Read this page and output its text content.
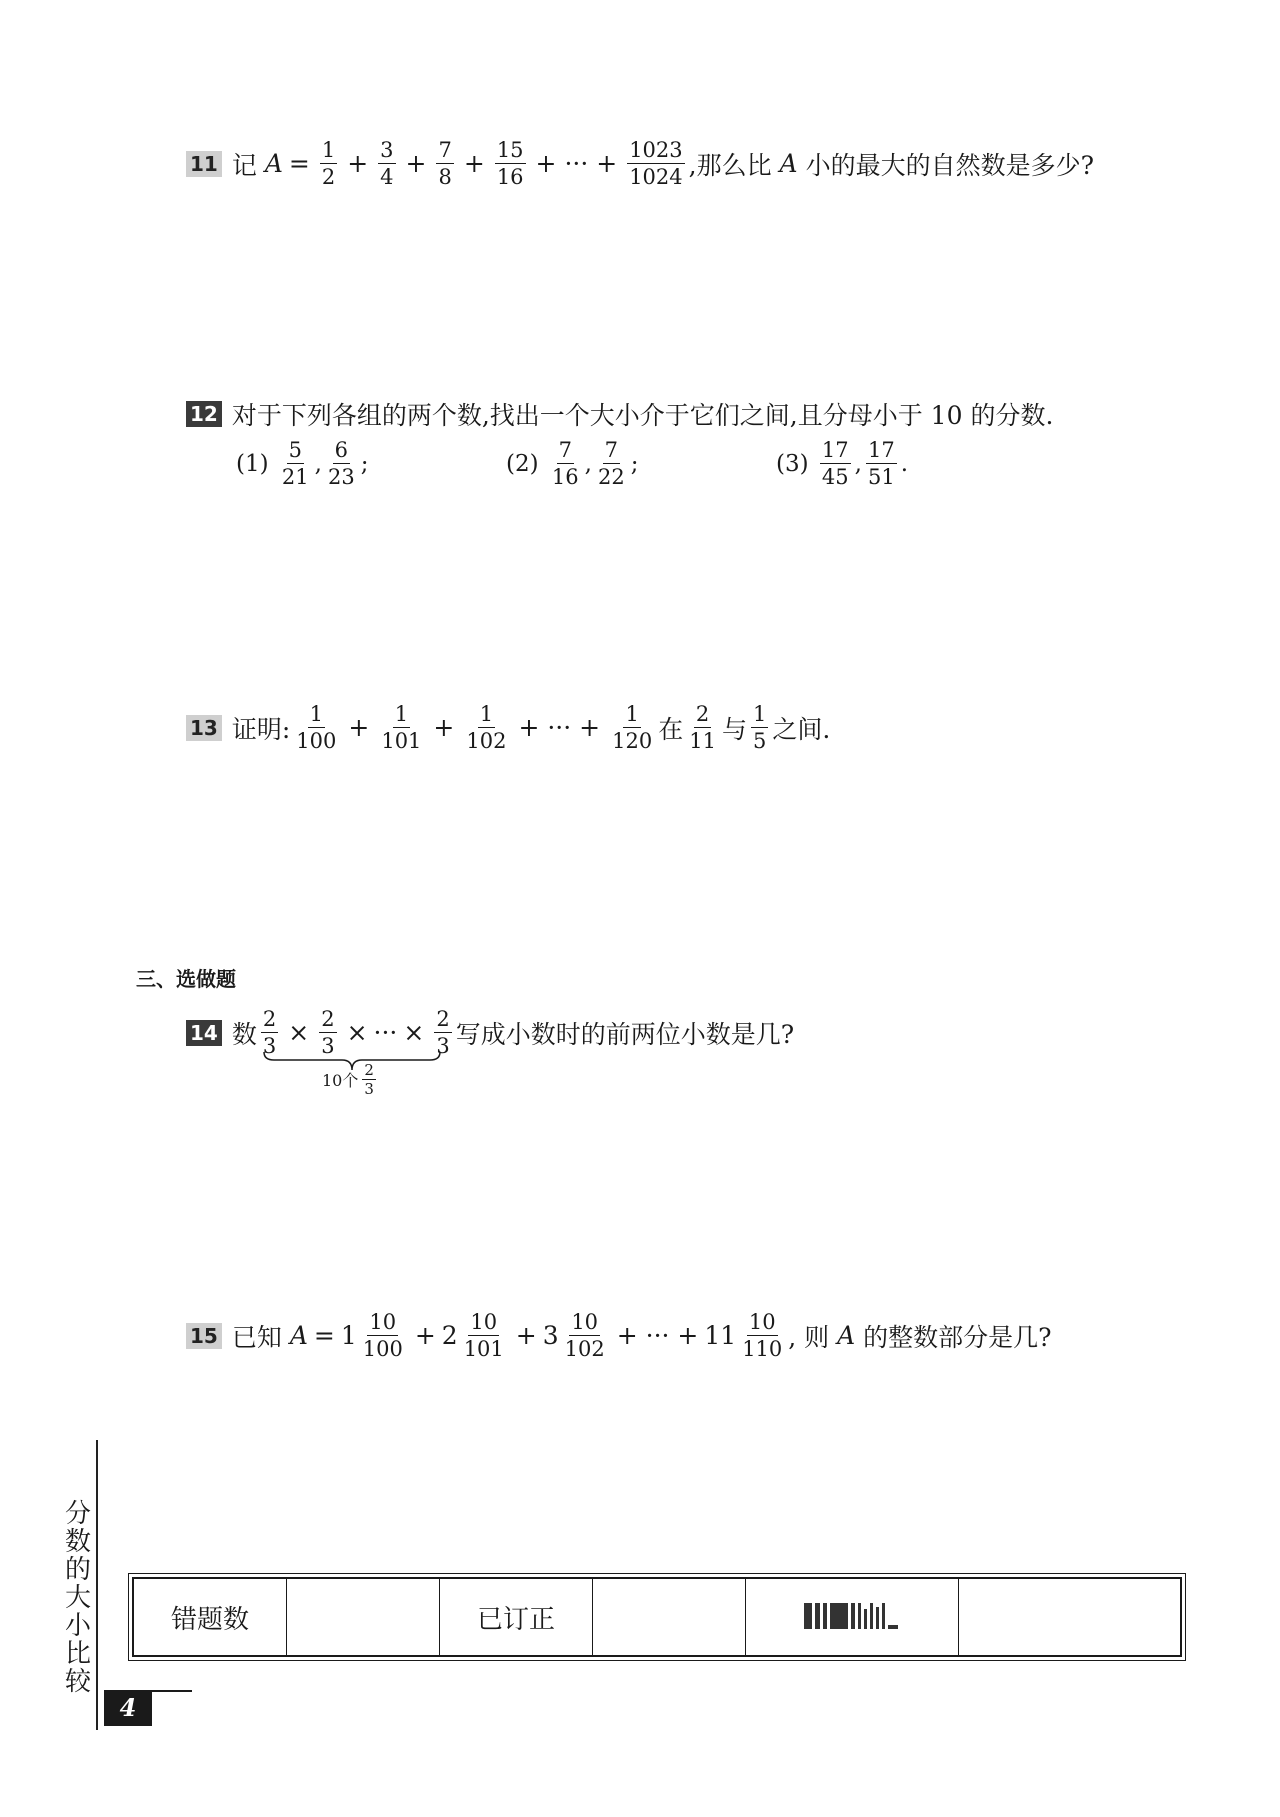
11 记
$A = \frac{1}{2} + \frac{3}{4} + \frac{7}{8} + \frac{15}{16}$ + ··· + $\frac{1023}{1024}$ ,那么比
A
小的最大的自然数是多少?
12 对于下列各组的两个数,找出一个大小介于它们之间,且分母小于 10 的分数.
(1)
$\frac{5}{21}$ , $\frac{6}{23}$ ;	(2)
$\frac{7}{16}$ , $\frac{7}{22}$ ;	(3)
$\frac{17}{45}$ , $\frac{17}{51}$ .
13 证明: $\frac{1}{100} + \frac{1}{101} + \frac{1}{102}$ + ··· + $\frac{1}{120}$ 在 $\frac{2}{11}$ 与 $\frac{1}{5}$ 之间.
三、选做题
14 数 $\frac{2}{3} \times \frac{2}{3}$ × ··· × $\frac{2}{3}$ 写成小数时的前两位小数是几?
10个 $\frac{2}{3}$
15 已知
$A = 1 \frac{10}{100} + 2 \frac{10}{101} + 3 \frac{10}{102}$ + ··· + $11 \frac{10}{110}$ , 则
A
的整数部分是几?
分数的大小比较
4
错题数		已订正		
